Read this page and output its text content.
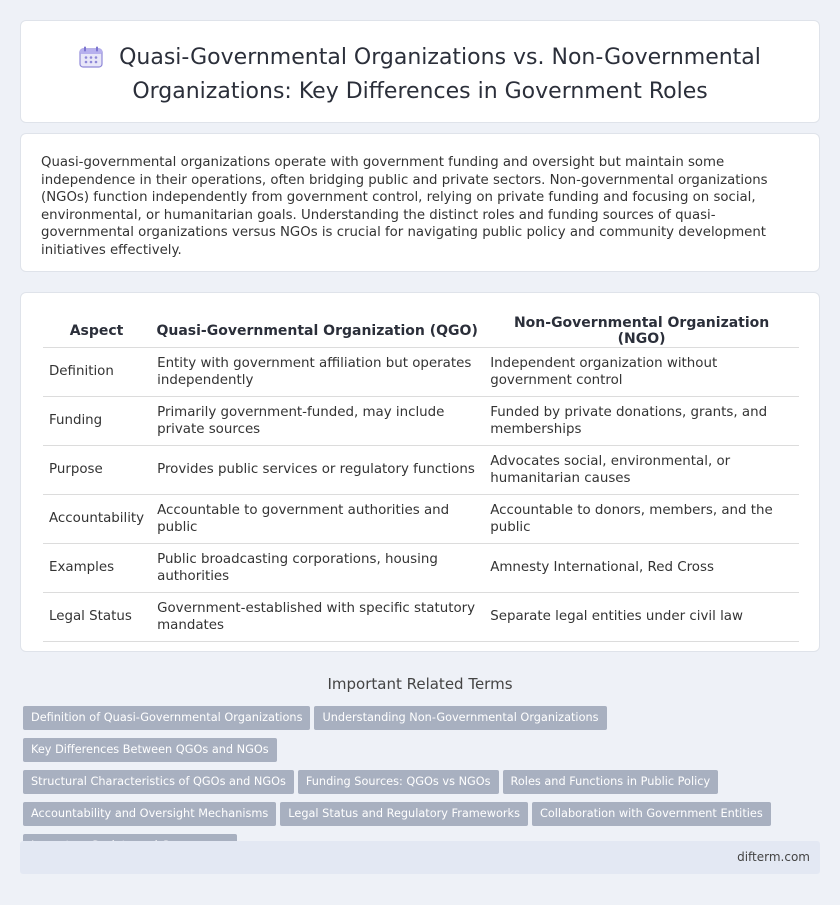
Quasi-Governmental Organizations vs. Non-Governmental
Organizations: Key Differences in Government Roles

Quasi-governmental organizations operate with government funding and oversight but maintain some independence in their operations, often bridging public and private sectors. Non-governmental organizations (NGOs) function independently from government control, relying on private funding and focusing on social, environmental, or humanitarian goals. Understanding the distinct roles and funding sources of quasi-governmental organizations versus NGOs is crucial for navigating public policy and community development initiatives effectively.

Aspect	Quasi-Governmental Organization (QGO)	Non-Governmental Organization (NGO)
Definition	Entity with government affiliation but operates independently	Independent organization without government control
Funding	Primarily government-funded, may include private sources	Funded by private donations, grants, and memberships
Purpose	Provides public services or regulatory functions	Advocates social, environmental, or humanitarian causes
Accountability	Accountable to government authorities and public	Accountable to donors, members, and the public
Examples	Public broadcasting corporations, housing authorities	Amnesty International, Red Cross
Legal Status	Government-established with specific statutory mandates	Separate legal entities under civil law
Important Related Terms
Definition of Quasi-Governmental Organizations Understanding Non-Governmental OrganizationsKey Differences Between QGOs and NGOs
Structural Characteristics of QGOs and NGOs Funding Sources: QGOs vs NGOs Roles and Functions in Public Policy
Accountability and Oversight Mechanisms Legal Status and Regulatory Frameworks Collaboration with Government Entities

difterm.com
